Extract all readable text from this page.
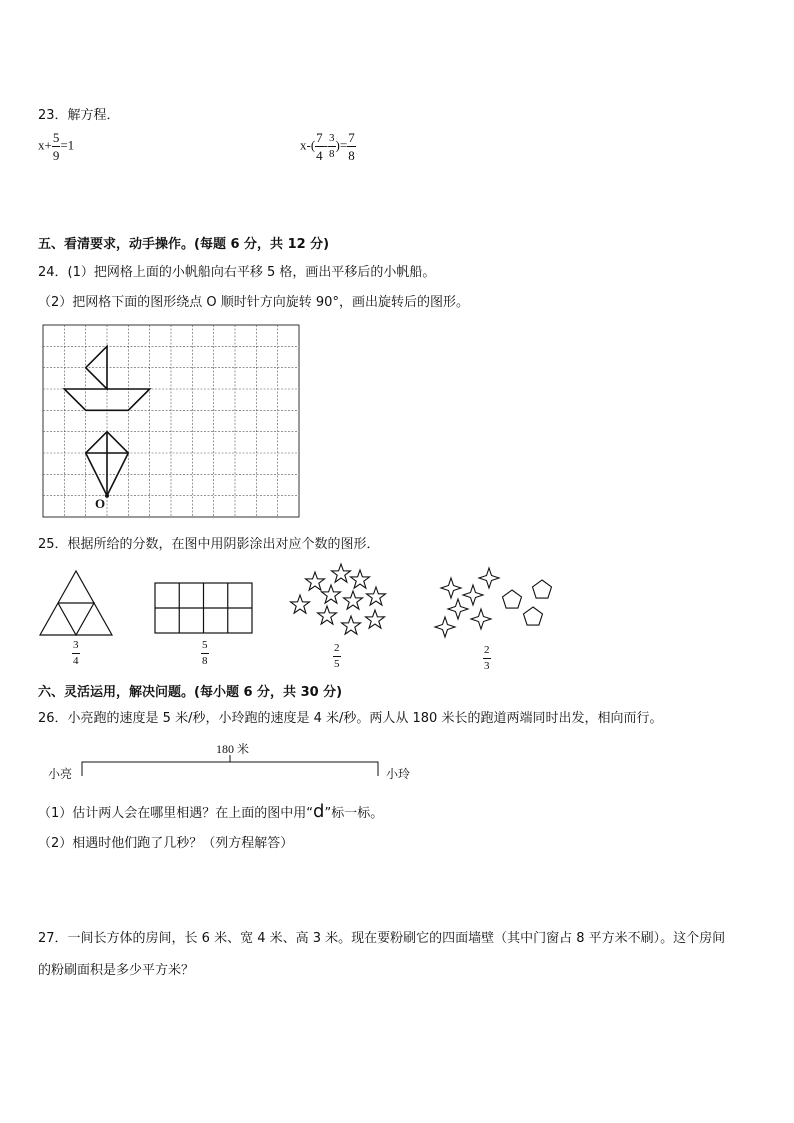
23．解方程．
$x+ \frac{5}{9} =1$	$x-( \frac{7}{4} - \frac{3}{8}$ )= $\frac{7}{8}$
五、看清要求，动手操作。(每题 6 分，共 12 分)
24．(1）把网格上面的小帆船向右平移 5 格，画出平移后的小帆船。
（2）把网格下面的图形绕点 O 顺时针方向旋转 90°，画出旋转后的图形。
O
25．根据所给的分数，在图中用阴影涂出对应个数的图形．
$\frac{3}{4}$	$\frac{5}{8}$	$\frac{2}{5}$	$\frac{2}{3}$
六、灵活运用，解决问题。(每小题 6 分，共 30 分)
26．小亮跑的速度是 5 米/秒，小玲跑的速度是 4 米/秒。两人从 180 米长的跑道两端同时出发，相向而行。
180 米
小亮	小玲
（1）估计两人会在哪里相遇？在上面的图中用“d”标一标。
（2）相遇时他们跑了几秒？（列方程解答）
27．一间长方体的房间，长 6 米、宽 4 米、高 3 米。现在要粉刷它的四面墙壁（其中门窗占 8 平方米不刷）。这个房间
的粉刷面积是多少平方米？
